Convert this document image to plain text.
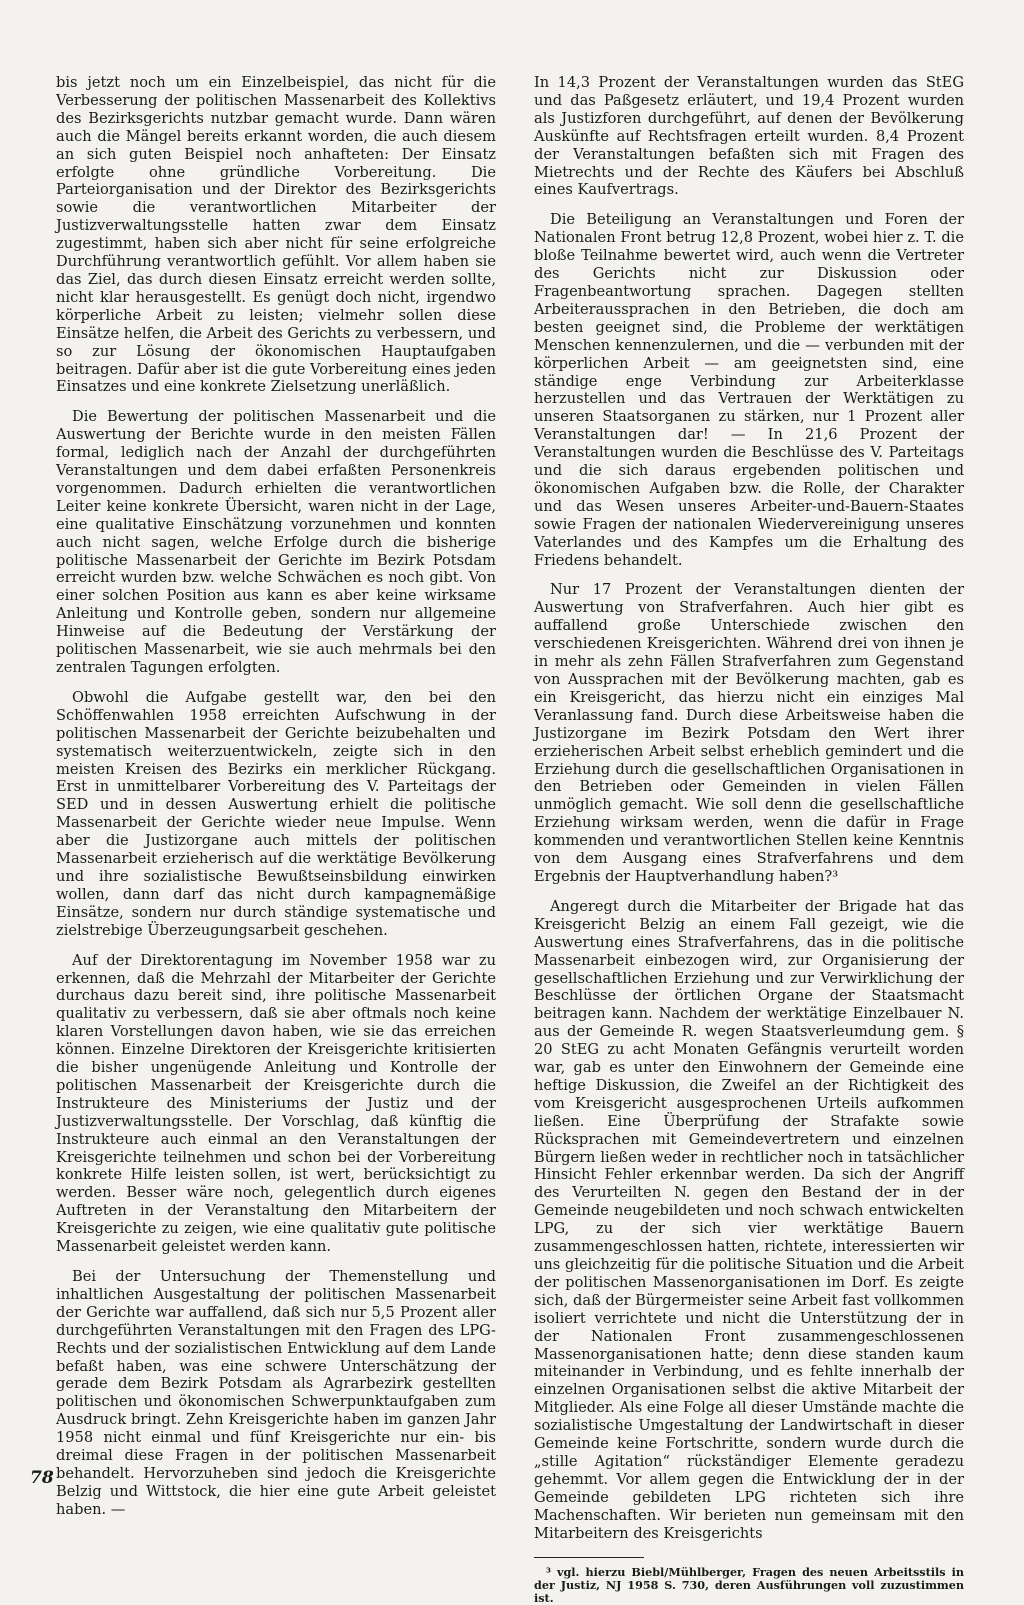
bis jetzt noch um ein Einzelbeispiel, das nicht für die Verbesserung der politischen Massenarbeit des Kollektivs des Bezirksgerichts nutzbar gemacht wurde. Dann wären auch die Mängel bereits erkannt worden, die auch diesem an sich guten Beispiel noch anhafteten: Der Einsatz erfolgte ohne gründliche Vorbereitung. Die Parteiorganisation und der Direktor des Bezirksgerichts sowie die verantwortlichen Mitarbeiter der Justizverwaltungsstelle hatten zwar dem Einsatz zugestimmt, haben sich aber nicht für seine erfolgreiche Durchführung verantwortlich gefühlt. Vor allem haben sie das Ziel, das durch diesen Einsatz erreicht werden sollte, nicht klar herausgestellt. Es genügt doch nicht, irgendwo körperliche Arbeit zu leisten; vielmehr sollen diese Einsätze helfen, die Arbeit des Gerichts zu verbessern, und so zur Lösung der ökonomischen Hauptaufgaben beitragen. Dafür aber ist die gute Vorbereitung eines jeden Einsatzes und eine konkrete Zielsetzung unerläßlich.

Die Bewertung der politischen Massenarbeit und die Auswertung der Berichte wurde in den meisten Fällen formal, lediglich nach der Anzahl der durchgeführten Veranstaltungen und dem dabei erfaßten Personenkreis vorgenommen. Dadurch erhielten die verantwortlichen Leiter keine konkrete Übersicht, waren nicht in der Lage, eine qualitative Einschätzung vorzunehmen und konnten auch nicht sagen, welche Erfolge durch die bisherige politische Massenarbeit der Gerichte im Bezirk Potsdam erreicht wurden bzw. welche Schwächen es noch gibt. Von einer solchen Position aus kann es aber keine wirksame Anleitung und Kontrolle geben, sondern nur allgemeine Hinweise auf die Bedeutung der Verstärkung der politischen Massenarbeit, wie sie auch mehrmals bei den zentralen Tagungen erfolgten.

Obwohl die Aufgabe gestellt war, den bei den Schöffenwahlen 1958 erreichten Aufschwung in der politischen Massenarbeit der Gerichte beizubehalten und systematisch weiterzuentwickeln, zeigte sich in den meisten Kreisen des Bezirks ein merklicher Rückgang. Erst in unmittelbarer Vorbereitung des V. Parteitags der SED und in dessen Auswertung erhielt die politische Massenarbeit der Gerichte wieder neue Impulse. Wenn aber die Justizorgane auch mittels der politischen Massenarbeit erzieherisch auf die werktätige Bevölkerung und ihre sozialistische Bewußtseinsbildung einwirken wollen, dann darf das nicht durch kampagnemäßige Einsätze, sondern nur durch ständige systematische und zielstrebige Überzeugungsarbeit geschehen.

Auf der Direktorentagung im November 1958 war zu erkennen, daß die Mehrzahl der Mitarbeiter der Gerichte durchaus dazu bereit sind, ihre politische Massenarbeit qualitativ zu verbessern, daß sie aber oftmals noch keine klaren Vorstellungen davon haben, wie sie das erreichen können. Einzelne Direktoren der Kreisgerichte kritisierten die bisher ungenügende Anleitung und Kontrolle der politischen Massenarbeit der Kreisgerichte durch die Instrukteure des Ministeriums der Justiz und der Justizverwaltungsstelle. Der Vorschlag, daß künftig die Instrukteure auch einmal an den Veranstaltungen der Kreisgerichte teilnehmen und schon bei der Vorbereitung konkrete Hilfe leisten sollen, ist wert, berücksichtigt zu werden. Besser wäre noch, gelegentlich durch eigenes Auftreten in der Veranstaltung den Mitarbeitern der Kreisgerichte zu zeigen, wie eine qualitativ gute politische Massenarbeit geleistet werden kann.

Bei der Untersuchung der Themenstellung und inhaltlichen Ausgestaltung der politischen Massenarbeit der Gerichte war auffallend, daß sich nur 5,5 Prozent aller durchgeführten Veranstaltungen mit den Fragen des LPG-Rechts und der sozialistischen Entwicklung auf dem Lande befaßt haben, was eine schwere Unterschätzung der gerade dem Bezirk Potsdam als Agrarbezirk gestellten politischen und ökonomischen Schwerpunktaufgaben zum Ausdruck bringt. Zehn Kreisgerichte haben im ganzen Jahr 1958 nicht einmal und fünf Kreisgerichte nur ein- bis dreimal diese Fragen in der politischen Massenarbeit behandelt. Hervorzuheben sind jedoch die Kreisgerichte Belzig und Wittstock, die hier eine gute Arbeit geleistet haben. —

In 14,3 Prozent der Veranstaltungen wurden das StEG und das Paßgesetz erläutert, und 19,4 Prozent wurden als Justizforen durchgeführt, auf denen der Bevölkerung Auskünfte auf Rechtsfragen erteilt wurden. 8,4 Prozent der Veranstaltungen befaßten sich mit Fragen des Mietrechts und der Rechte des Käufers bei Abschluß eines Kaufvertrags.

Die Beteiligung an Veranstaltungen und Foren der Nationalen Front betrug 12,8 Prozent, wobei hier z. T. die bloße Teilnahme bewertet wird, auch wenn die Vertreter des Gerichts nicht zur Diskussion oder Fragenbeantwortung sprachen. Dagegen stellten Arbeiteraussprachen in den Betrieben, die doch am besten geeignet sind, die Probleme der werktätigen Menschen kennenzulernen, und die — verbunden mit der körperlichen Arbeit — am geeignetsten sind, eine ständige enge Verbindung zur Arbeiterklasse herzustellen und das Vertrauen der Werktätigen zu unseren Staatsorganen zu stärken, nur 1 Prozent aller Veranstaltungen dar! — In 21,6 Prozent der Veranstaltungen wurden die Beschlüsse des V. Parteitags und die sich daraus ergebenden politischen und ökonomischen Aufgaben bzw. die Rolle, der Charakter und das Wesen unseres Arbeiter-und-Bauern-Staates sowie Fragen der nationalen Wiedervereinigung unseres Vaterlandes und des Kampfes um die Erhaltung des Friedens behandelt.

Nur 17 Prozent der Veranstaltungen dienten der Auswertung von Strafverfahren. Auch hier gibt es auffallend große Unterschiede zwischen den verschiedenen Kreisgerichten. Während drei von ihnen je in mehr als zehn Fällen Strafverfahren zum Gegenstand von Aussprachen mit der Bevölkerung machten, gab es ein Kreisgericht, das hierzu nicht ein einziges Mal Veranlassung fand. Durch diese Arbeitsweise haben die Justizorgane im Bezirk Potsdam den Wert ihrer erzieherischen Arbeit selbst erheblich gemindert und die Erziehung durch die gesellschaftlichen Organisationen in den Betrieben oder Gemeinden in vielen Fällen unmöglich gemacht. Wie soll denn die gesellschaftliche Erziehung wirksam werden, wenn die dafür in Frage kommenden und verantwortlichen Stellen keine Kenntnis von dem Ausgang eines Strafverfahrens und dem Ergebnis der Hauptverhandlung haben?³

Angeregt durch die Mitarbeiter der Brigade hat das Kreisgericht Belzig an einem Fall gezeigt, wie die Auswertung eines Strafverfahrens, das in die politische Massenarbeit einbezogen wird, zur Organisierung der gesellschaftlichen Erziehung und zur Verwirklichung der Beschlüsse der örtlichen Organe der Staatsmacht beitragen kann. Nachdem der werktätige Einzelbauer N. aus der Gemeinde R. wegen Staatsverleumdung gem. § 20 StEG zu acht Monaten Gefängnis verurteilt worden war, gab es unter den Einwohnern der Gemeinde eine heftige Diskussion, die Zweifel an der Richtigkeit des vom Kreisgericht ausgesprochenen Urteils aufkommen ließen. Eine Überprüfung der Strafakte sowie Rücksprachen mit Gemeindevertretern und einzelnen Bürgern ließen weder in rechtlicher noch in tatsächlicher Hinsicht Fehler erkennbar werden. Da sich der Angriff des Verurteilten N. gegen den Bestand der in der Gemeinde neugebildeten und noch schwach entwickelten LPG, zu der sich vier werktätige Bauern zusammengeschlossen hatten, richtete, interessierten wir uns gleichzeitig für die politische Situation und die Arbeit der politischen Massenorganisationen im Dorf. Es zeigte sich, daß der Bürgermeister seine Arbeit fast vollkommen isoliert verrichtete und nicht die Unterstützung der in der Nationalen Front zusammengeschlossenen Massenorganisationen hatte; denn diese standen kaum miteinander in Verbindung, und es fehlte innerhalb der einzelnen Organisationen selbst die aktive Mitarbeit der Mitglieder. Als eine Folge all dieser Umstände machte die sozialistische Umgestaltung der Landwirtschaft in dieser Gemeinde keine Fortschritte, sondern wurde durch die „stille Agitation“ rückständiger Elemente geradezu gehemmt. Vor allem gegen die Entwicklung der in der Gemeinde gebildeten LPG richteten sich ihre Machenschaften. Wir berieten nun gemeinsam mit den Mitarbeitern des Kreisgerichts

³ vgl. hierzu Biebl/Mühlberger, Fragen des neuen Arbeitsstils in der Justiz, NJ 1958 S. 730, deren Ausführungen voll zuzustimmen ist.

78
